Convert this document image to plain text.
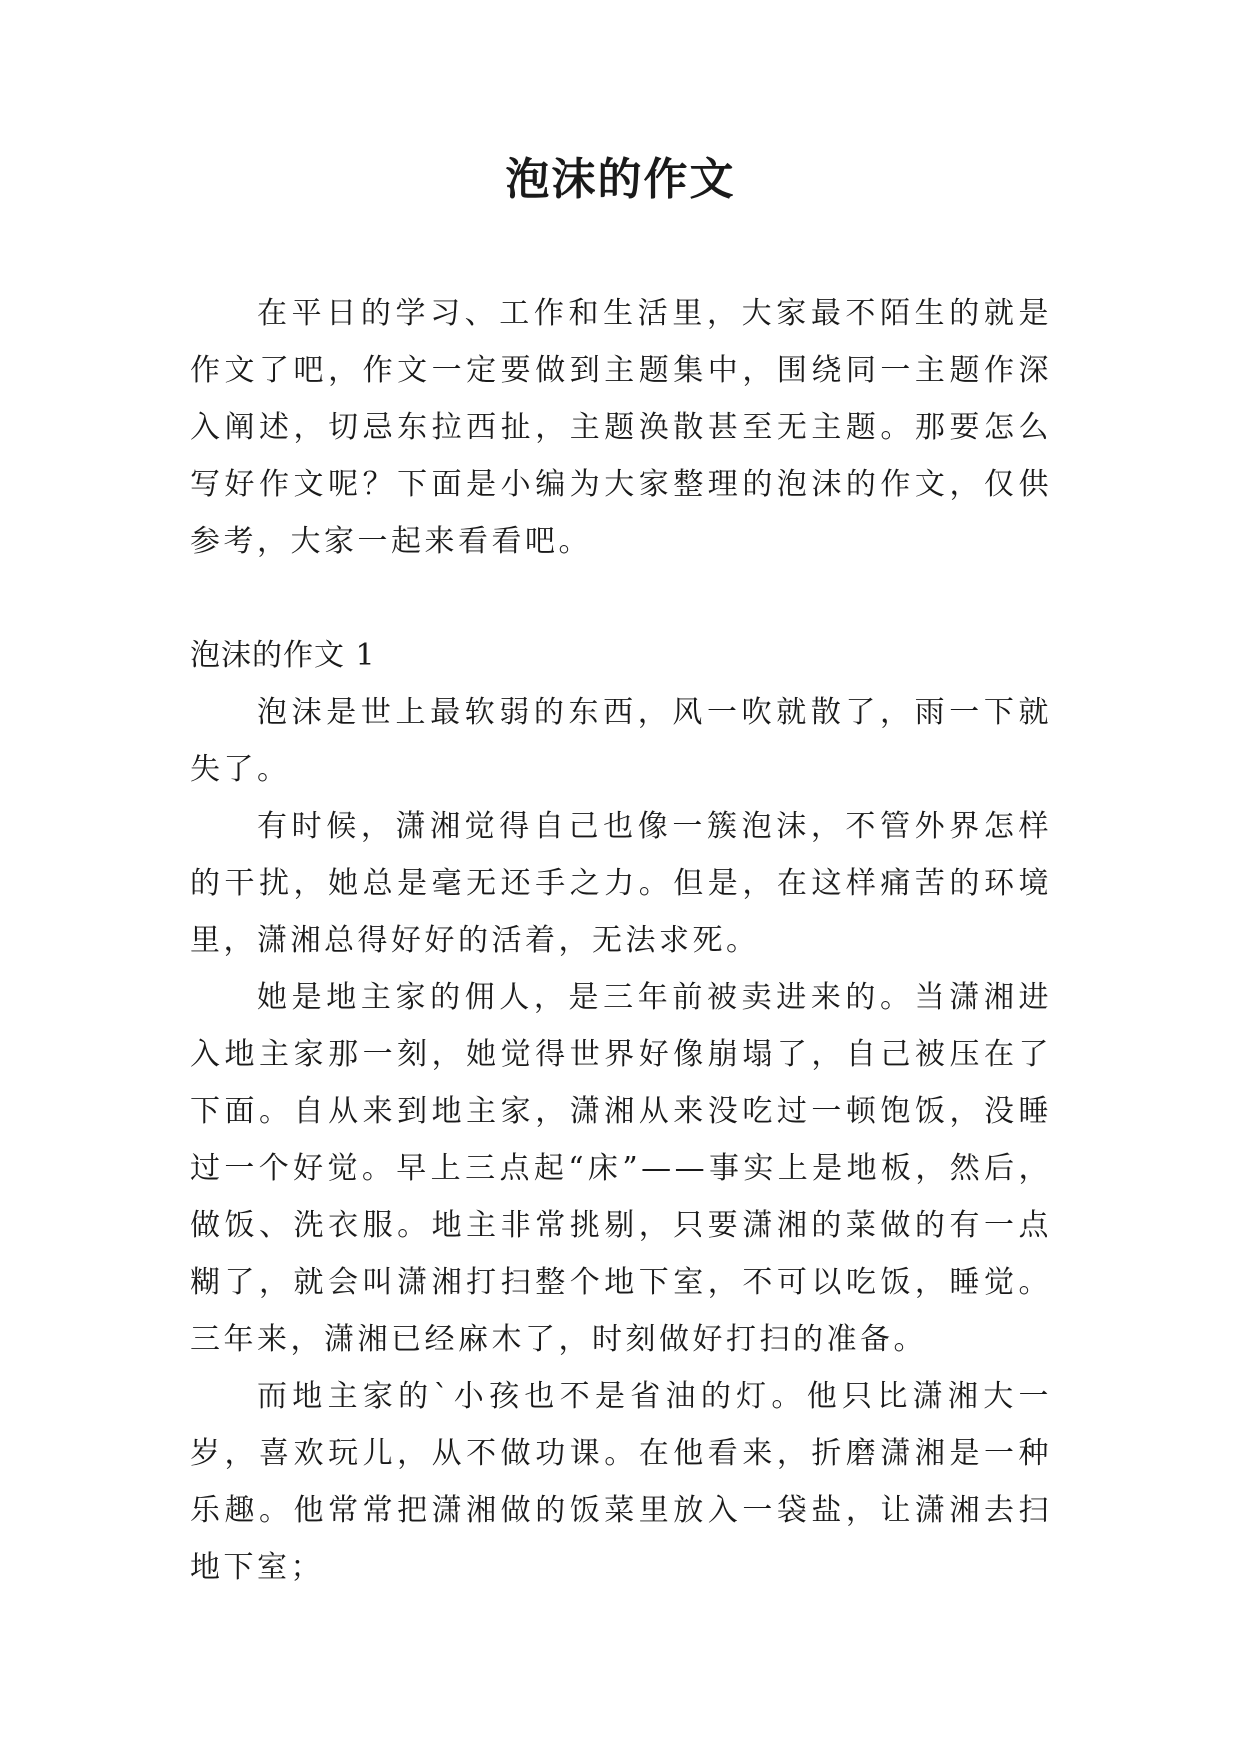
泡沫的作文

在平日的学习、工作和生活里，大家最不陌生的就是作文了吧，作文一定要做到主题集中，围绕同一主题作深入阐述，切忌东拉西扯，主题涣散甚至无主题。那要怎么写好作文呢？下面是小编为大家整理的泡沫的作文，仅供参考，大家一起来看看吧。

泡沫的作文 1

泡沫是世上最软弱的东西，风一吹就散了，雨一下就失了。

有时候，潇湘觉得自己也像一簇泡沫，不管外界怎样的干扰，她总是毫无还手之力。但是，在这样痛苦的环境里，潇湘总得好好的活着，无法求死。

她是地主家的佣人，是三年前被卖进来的。当潇湘进入地主家那一刻，她觉得世界好像崩塌了，自己被压在了下面。自从来到地主家，潇湘从来没吃过一顿饱饭，没睡过一个好觉。早上三点起“床”——事实上是地板，然后，做饭、洗衣服。地主非常挑剔，只要潇湘的菜做的有一点糊了，就会叫潇湘打扫整个地下室，不可以吃饭，睡觉。三年来，潇湘已经麻木了，时刻做好打扫的准备。

而地主家的`小孩也不是省油的灯。他只比潇湘大一岁，喜欢玩儿，从不做功课。在他看来，折磨潇湘是一种乐趣。他常常把潇湘做的饭菜里放入一袋盐，让潇湘去扫地下室；
